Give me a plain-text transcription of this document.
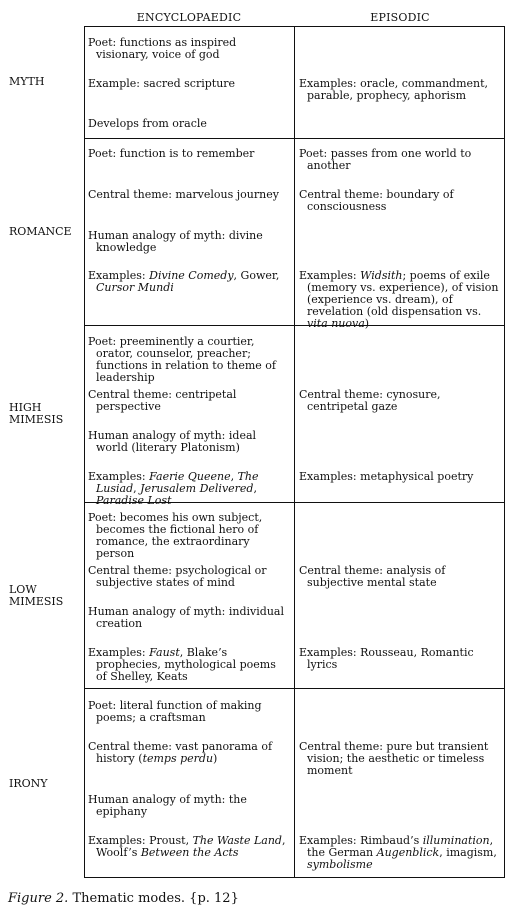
ENCYCLOPAEDIC	EPISODIC
MYTH
Poet: functions as inspired visionary, voice of god
Example: sacred scripture
Develops from oracle
Examples: oracle, commandment, parable, prophecy, aphorism
ROMANCE
Poet: function is to remember
Central theme: marvelous journey
Human analogy of myth: divine knowledge
Examples: Divine Comedy, Gower, Cursor Mundi
Poet: passes from one world to another
Central theme: boundary of consciousness
Examples: Widsith; poems of exile (memory vs. experience), of vision (experience vs. dream), of revelation (old dispensation vs. vita nuova)
HIGH
MIMESIS
Poet: preeminently a courtier, orator, counselor, preacher; functions in relation to theme of leadership
Central theme: centripetal perspective
Human analogy of myth: ideal world (literary Platonism)
Examples: Faerie Queene, The Lusiad, Jerusalem Delivered, Paradise Lost
Central theme: cynosure, centripetal gaze
Examples: metaphysical poetry
LOW
MIMESIS
Poet: becomes his own subject, becomes the fictional hero of romance, the extraordinary person
Central theme: psychological or subjective states of mind
Human analogy of myth: individual creation
Examples: Faust, Blake’s prophecies, mythological poems of Shelley, Keats
Central theme: analysis of subjective mental state
Examples: Rousseau, Romantic lyrics
IRONY
Poet: literal function of making poems; a craftsman
Central theme: vast panorama of history (temps perdu)
Human analogy of myth: the epiphany
Examples: Proust, The Waste Land, Woolf’s Between the Acts
Central theme: pure but transient vision; the aesthetic or timeless moment
Examples: Rimbaud’s illumination, the German Augenblick, imagism, symbolisme
Figure 2. Thematic modes. {p. 12}
